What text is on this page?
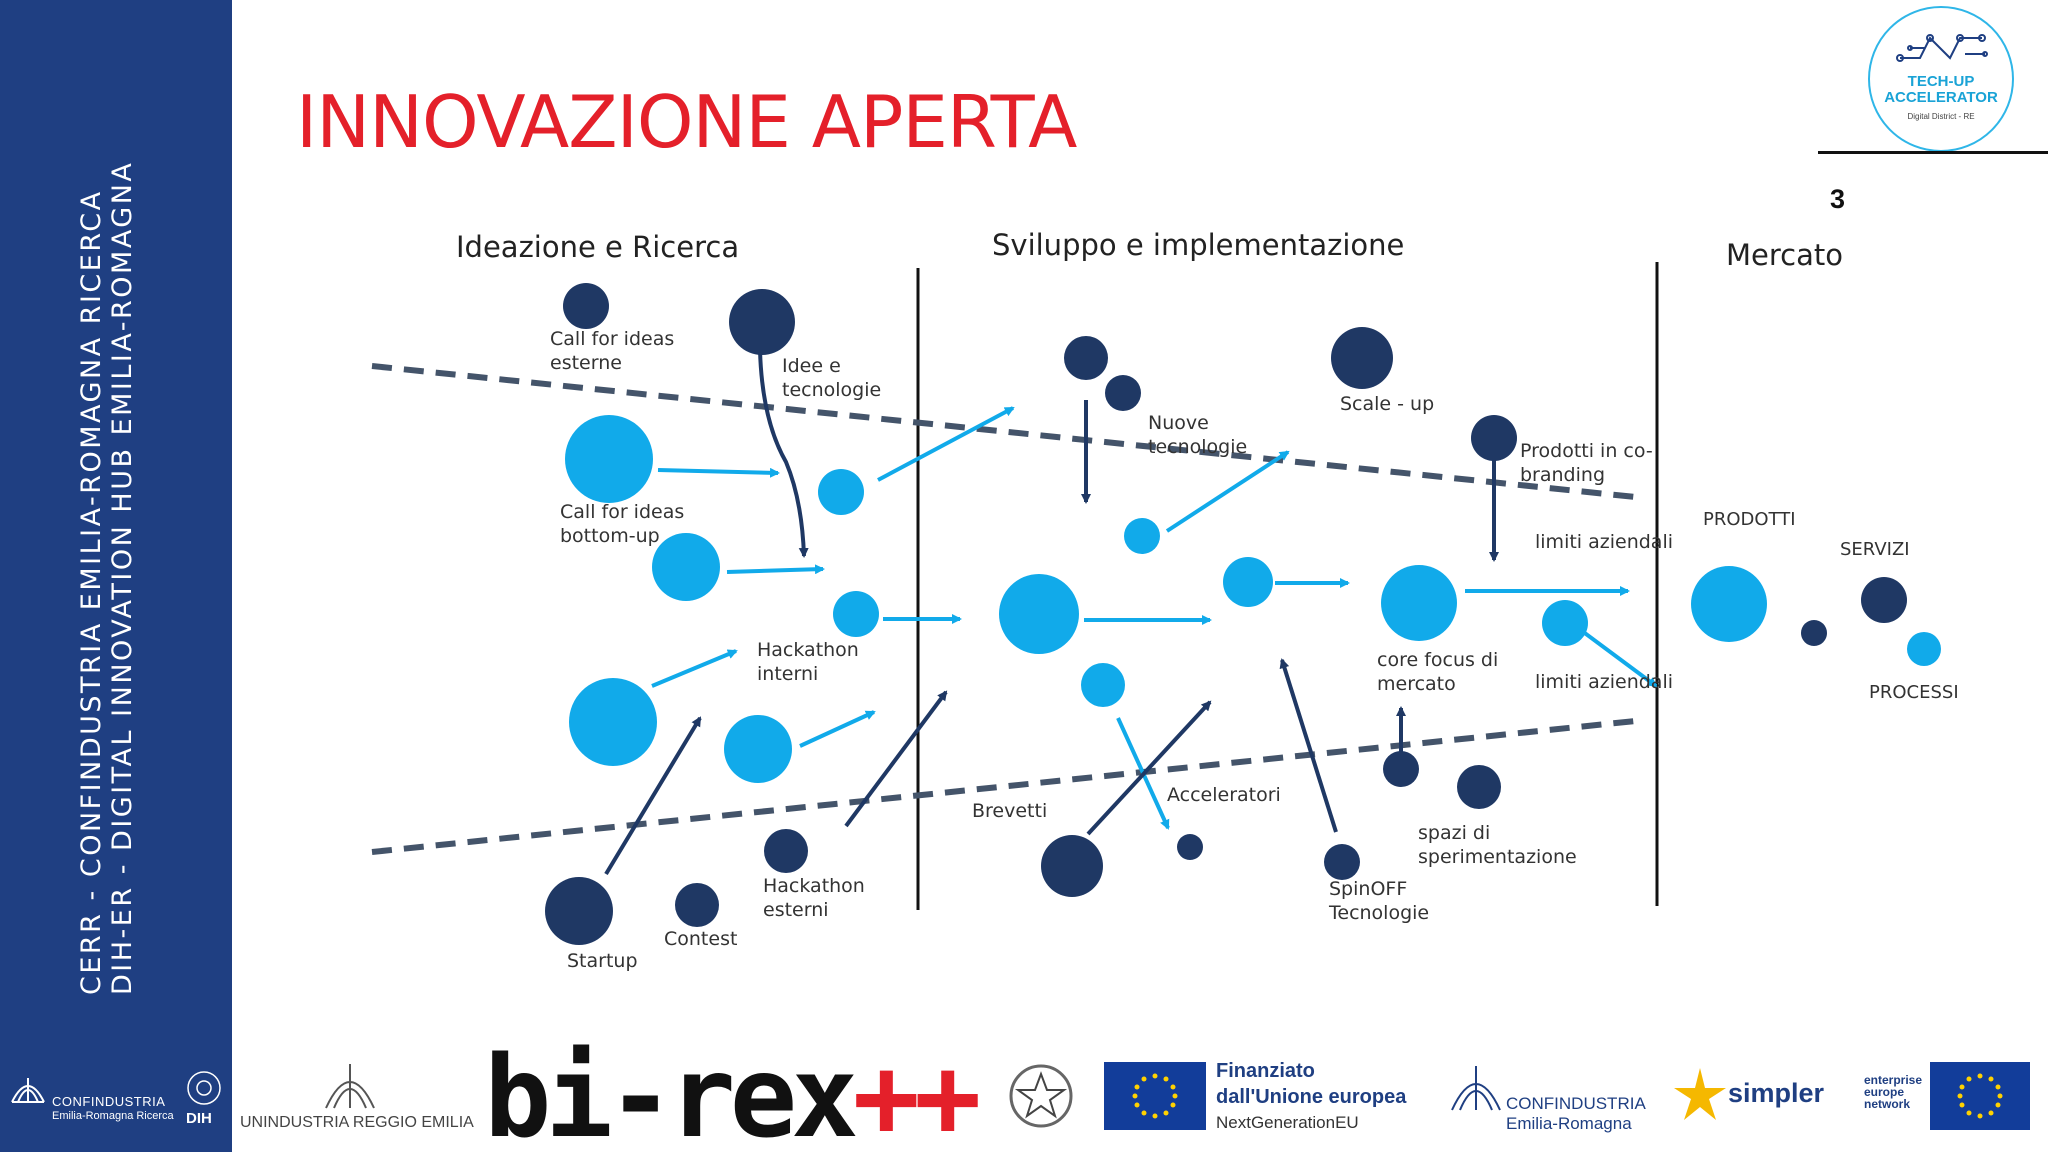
CERR - CONFINDUSTRIA EMILIA-ROMAGNA RICERCA DIH-ER - DIGITAL INNOVATION HUB EMILIA-ROMAGNA
CONFINDUSTRIA
Emilia-Romagna Ricerca DIH
INNOVAZIONE APERTA	TECH-UP
ACCELERATOR
Digital District - RE
3
Ideazione e Ricerca	Sviluppo e implementazione	Mercato
Call for ideas
esterne	Idee e
tecnologie
Call for ideas
bottom-up
Hackathon
interni
Hackathon
esterni
Startup
Contest
Nuove
tecnologie
Scale - up
Prodotti in co-
branding
limiti aziendali
limiti aziendali
core focus di
mercato
Brevetti
Acceleratori
spazi di
sperimentazione
SpinOFF
Tecnologie
PRODOTTI
SERVIZI
PROCESSI
UNINDUSTRIA REGGIO EMILIA bi-rex++	Finanziato
dall'Unione europea
NextGenerationEU
CONFINDUSTRIA
Emilia-Romagna
simpler	enterprise
europe
network
